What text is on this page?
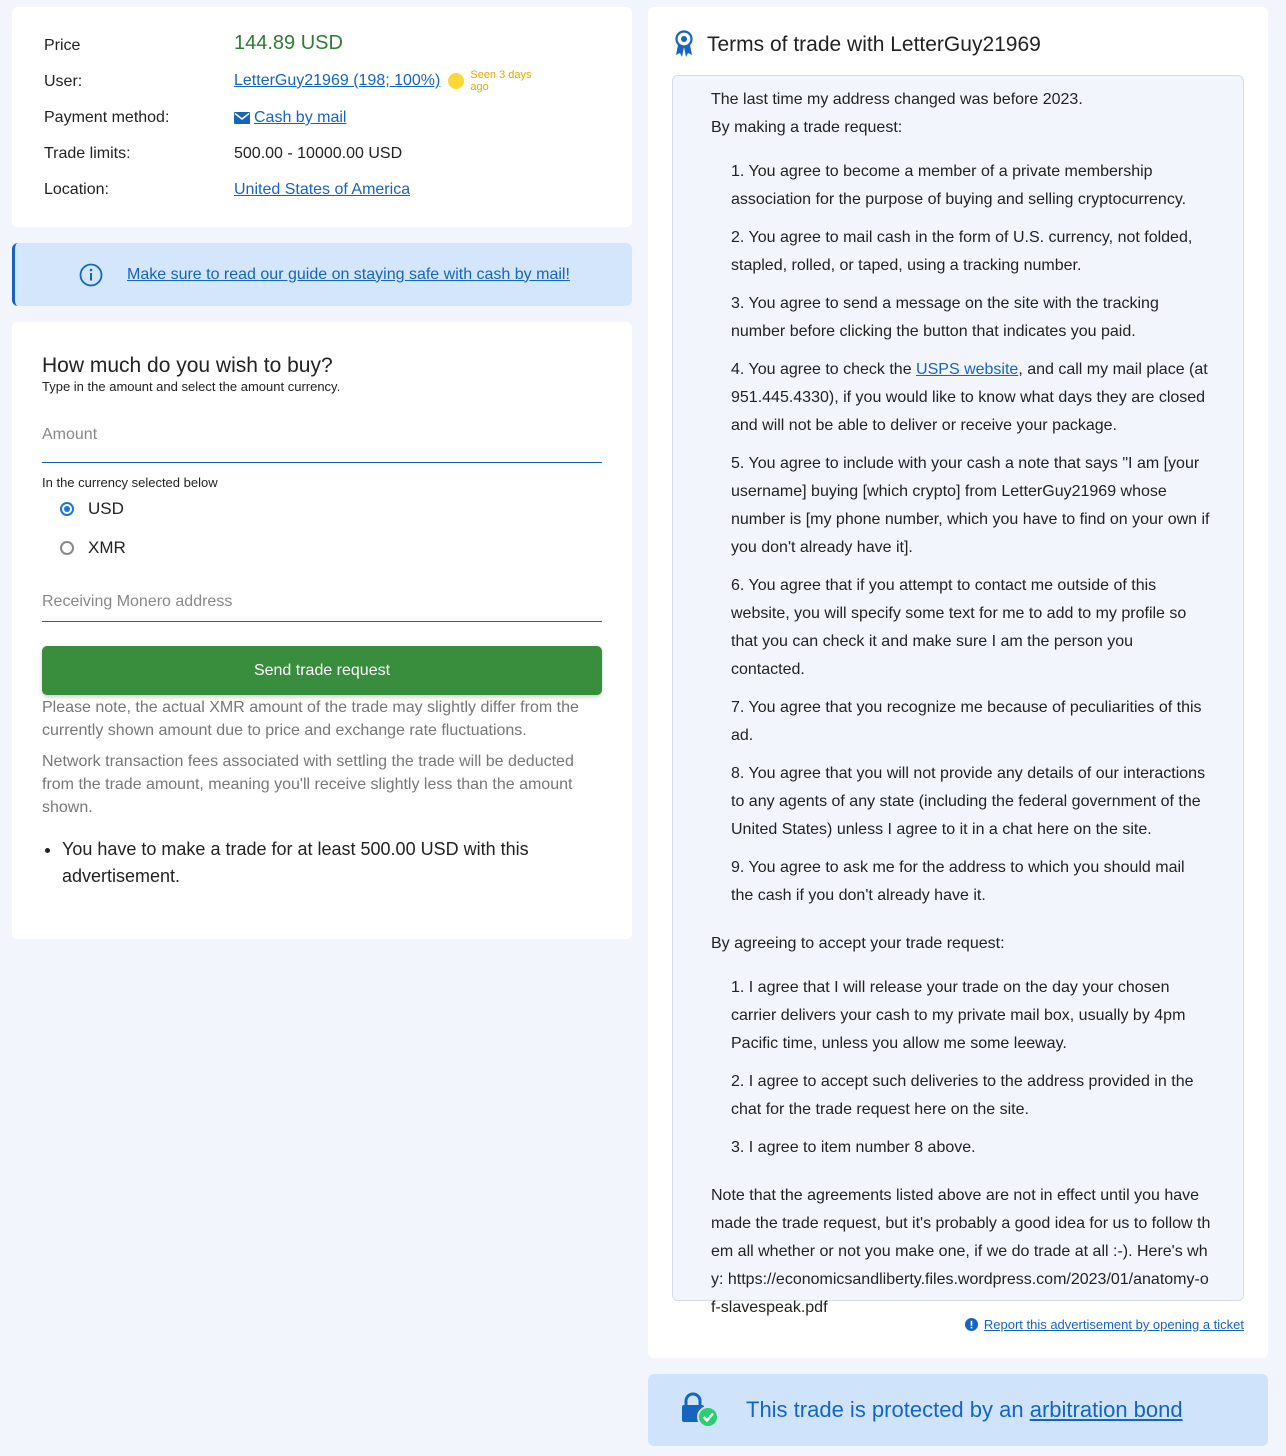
Price	144.89 USD
User:	LetterGuy21969 (198; 100%)	Seen 3 days ago
Payment method:	Cash by mail
Trade limits:	500.00 - 10000.00 USD
Location:	United States of America
Make sure to read our guide on staying safe with cash by mail!
How much do you wish to buy?
Type in the amount and select the amount currency.
Amount
In the currency selected below
USD
XMR
Receiving Monero address
Send trade request
Please note, the actual XMR amount of the trade may slightly differ from the currently shown amount due to price and exchange rate fluctuations.
Network transaction fees associated with settling the trade will be deducted from the trade amount, meaning you'll receive slightly less than the amount shown.
• You have to make a trade for at least 500.00 USD with this advertisement.
Terms of trade with LetterGuy21969

The last time my address changed was before 2023.

By making a trade request:

1. You agree to become a member of a private membership association for the purpose of buying and selling cryptocurrency.
2. You agree to mail cash in the form of U.S. currency, not folded, stapled, rolled, or taped, using a tracking number.
3. You agree to send a message on the site with the tracking number before clicking the button that indicates you paid.
4. You agree to check the USPS website, and call my mail place (at 951.445.4330), if you would like to know what days they are closed and will not be able to deliver or receive your package.
5. You agree to include with your cash a note that says "I am [your username] buying [which crypto] from LetterGuy21969 whose number is [my phone number, which you have to find on your own if you don't already have it].
6. You agree that if you attempt to contact me outside of this website, you will specify some text for me to add to my profile so that you can check it and make sure I am the person you contacted.
7. You agree that you recognize me because of peculiarities of this ad.
8. You agree that you will not provide any details of our interactions to any agents of any state (including the federal government of the United States) unless I agree to it in a chat here on the site.
9. You agree to ask me for the address to which you should mail the cash if you don't already have it.

By agreeing to accept your trade request:

1. I agree that I will release your trade on the day your chosen carrier delivers your cash to my private mail box, usually by 4pm Pacific time, unless you allow me some leeway.
2. I agree to accept such deliveries to the address provided in the chat for the trade request here on the site.
3. I agree to item number 8 above.

Note that the agreements listed above are not in effect until you have made the trade request, but it's probably a good idea for us to follow them all whether or not you make one, if we do trade at all :-). Here's why: https://economicsandliberty.files.wordpress.com/2023/01/anatomy-of-slavespeak.pdf

Report this advertisement by opening a ticket
This trade is protected by an arbitration bond
